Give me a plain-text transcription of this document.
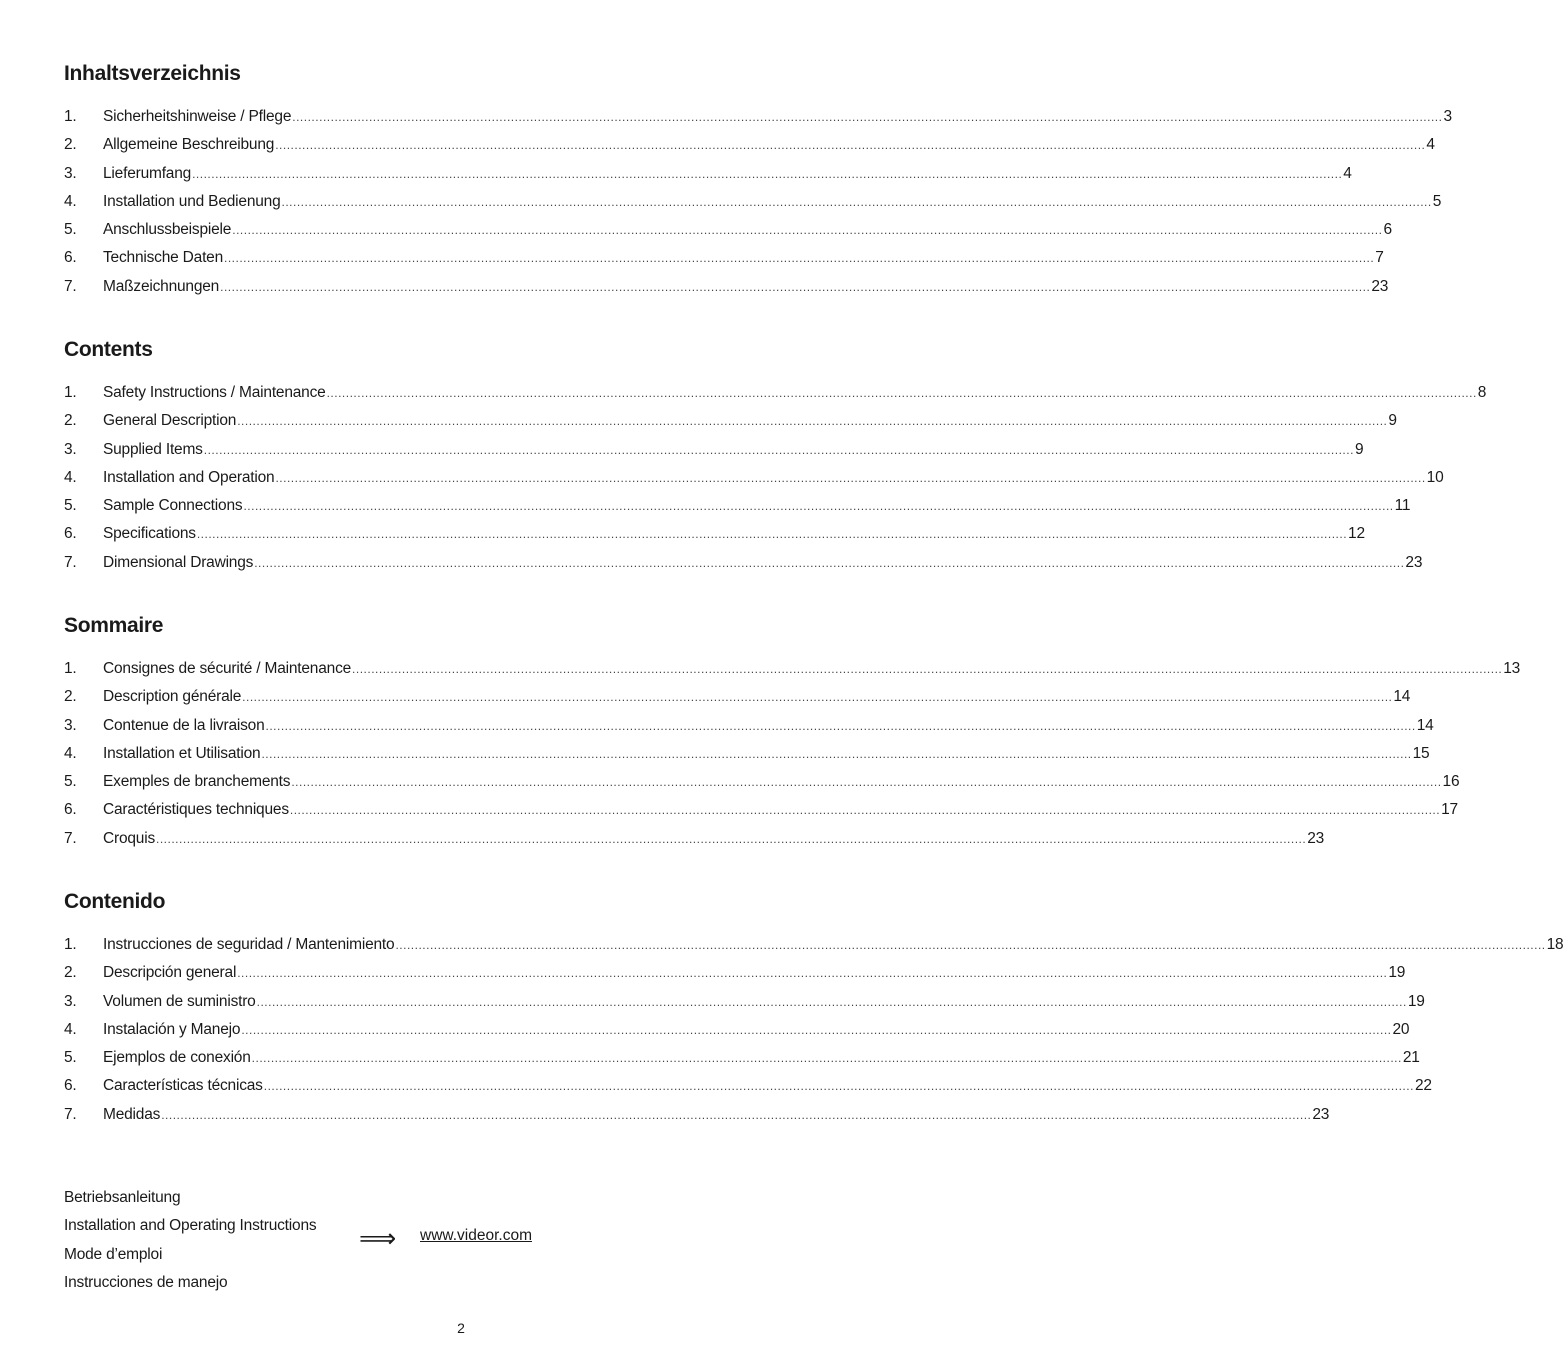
Inhaltsverzeichnis
1.	Sicherheitshinweise / Pflege ............................................................................................................................................................................................................................................................................................................ 3
2.	Allgemeine Beschreibung ............................................................................................................................................................................................................................................................................................................ 4
3.	Lieferumfang ............................................................................................................................................................................................................................................................................................................ 4
4.	Installation und Bedienung ............................................................................................................................................................................................................................................................................................................ 5
5.	Anschlussbeispiele ............................................................................................................................................................................................................................................................................................................ 6
6.	Technische Daten ............................................................................................................................................................................................................................................................................................................ 7
7.	Maßzeichnungen ............................................................................................................................................................................................................................................................................................................ 23
Contents
1.	Safety Instructions / Maintenance ............................................................................................................................................................................................................................................................................................................ 8
2.	General Description ............................................................................................................................................................................................................................................................................................................ 9
3.	Supplied Items ............................................................................................................................................................................................................................................................................................................ 9
4.	Installation and Operation ............................................................................................................................................................................................................................................................................................................ 10
5.	Sample Connections ............................................................................................................................................................................................................................................................................................................ 11
6.	Specifications ............................................................................................................................................................................................................................................................................................................ 12
7.	Dimensional Drawings ............................................................................................................................................................................................................................................................................................................ 23
Sommaire
1.	Consignes de sécurité / Maintenance ............................................................................................................................................................................................................................................................................................................ 13
2.	Description générale ............................................................................................................................................................................................................................................................................................................ 14
3.	Contenue de la livraison ............................................................................................................................................................................................................................................................................................................ 14
4.	Installation et Utilisation ............................................................................................................................................................................................................................................................................................................ 15
5.	Exemples de branchements ............................................................................................................................................................................................................................................................................................................ 16
6.	Caractéristiques techniques ............................................................................................................................................................................................................................................................................................................ 17
7.	Croquis ............................................................................................................................................................................................................................................................................................................ 23
Contenido
1.	Instrucciones de seguridad / Mantenimiento ............................................................................................................................................................................................................................................................................................................ 18
2.	Descripción general ............................................................................................................................................................................................................................................................................................................ 19
3.	Volumen de suministro ............................................................................................................................................................................................................................................................................................................ 19
4.	Instalación y Manejo ............................................................................................................................................................................................................................................................................................................ 20
5.	Ejemplos de conexión ............................................................................................................................................................................................................................................................................................................ 21
6.	Características técnicas ............................................................................................................................................................................................................................................................................................................ 22
7.	Medidas ............................................................................................................................................................................................................................................................................................................ 23
Betriebsanleitung
Installation and Operating Instructions
Mode d’emploi
Instrucciones de manejo
⟹ www.videor.com
2
